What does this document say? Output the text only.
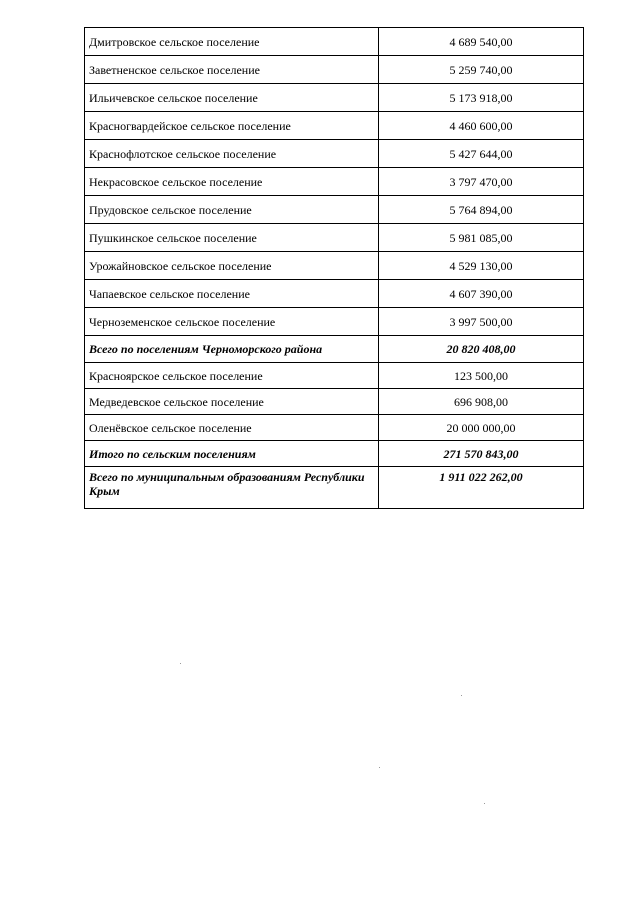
Дмитровское сельское поселение	4 689 540,00
Заветненское сельское поселение	5 259 740,00
Ильичевское сельское поселение	5 173 918,00
Красногвардейское сельское поселение	4 460 600,00
Краснофлотское сельское поселение	5 427 644,00
Некрасовское сельское поселение	3 797 470,00
Прудовское сельское поселение	5 764 894,00
Пушкинское сельское поселение	5 981 085,00
Урожайновское сельское поселение	4 529 130,00
Чапаевское сельское поселение	4 607 390,00
Черноземенское сельское поселение	3 997 500,00
Всего по поселениям Черноморского района	20 820 408,00
Красноярское сельское поселение	123 500,00
Медведевское сельское поселение	696 908,00
Оленёвское сельское поселение	20 000 000,00
Итого по сельским поселениям	271 570 843,00
Всего по муниципальным образованиям Республики Крым	1 911 022 262,00
